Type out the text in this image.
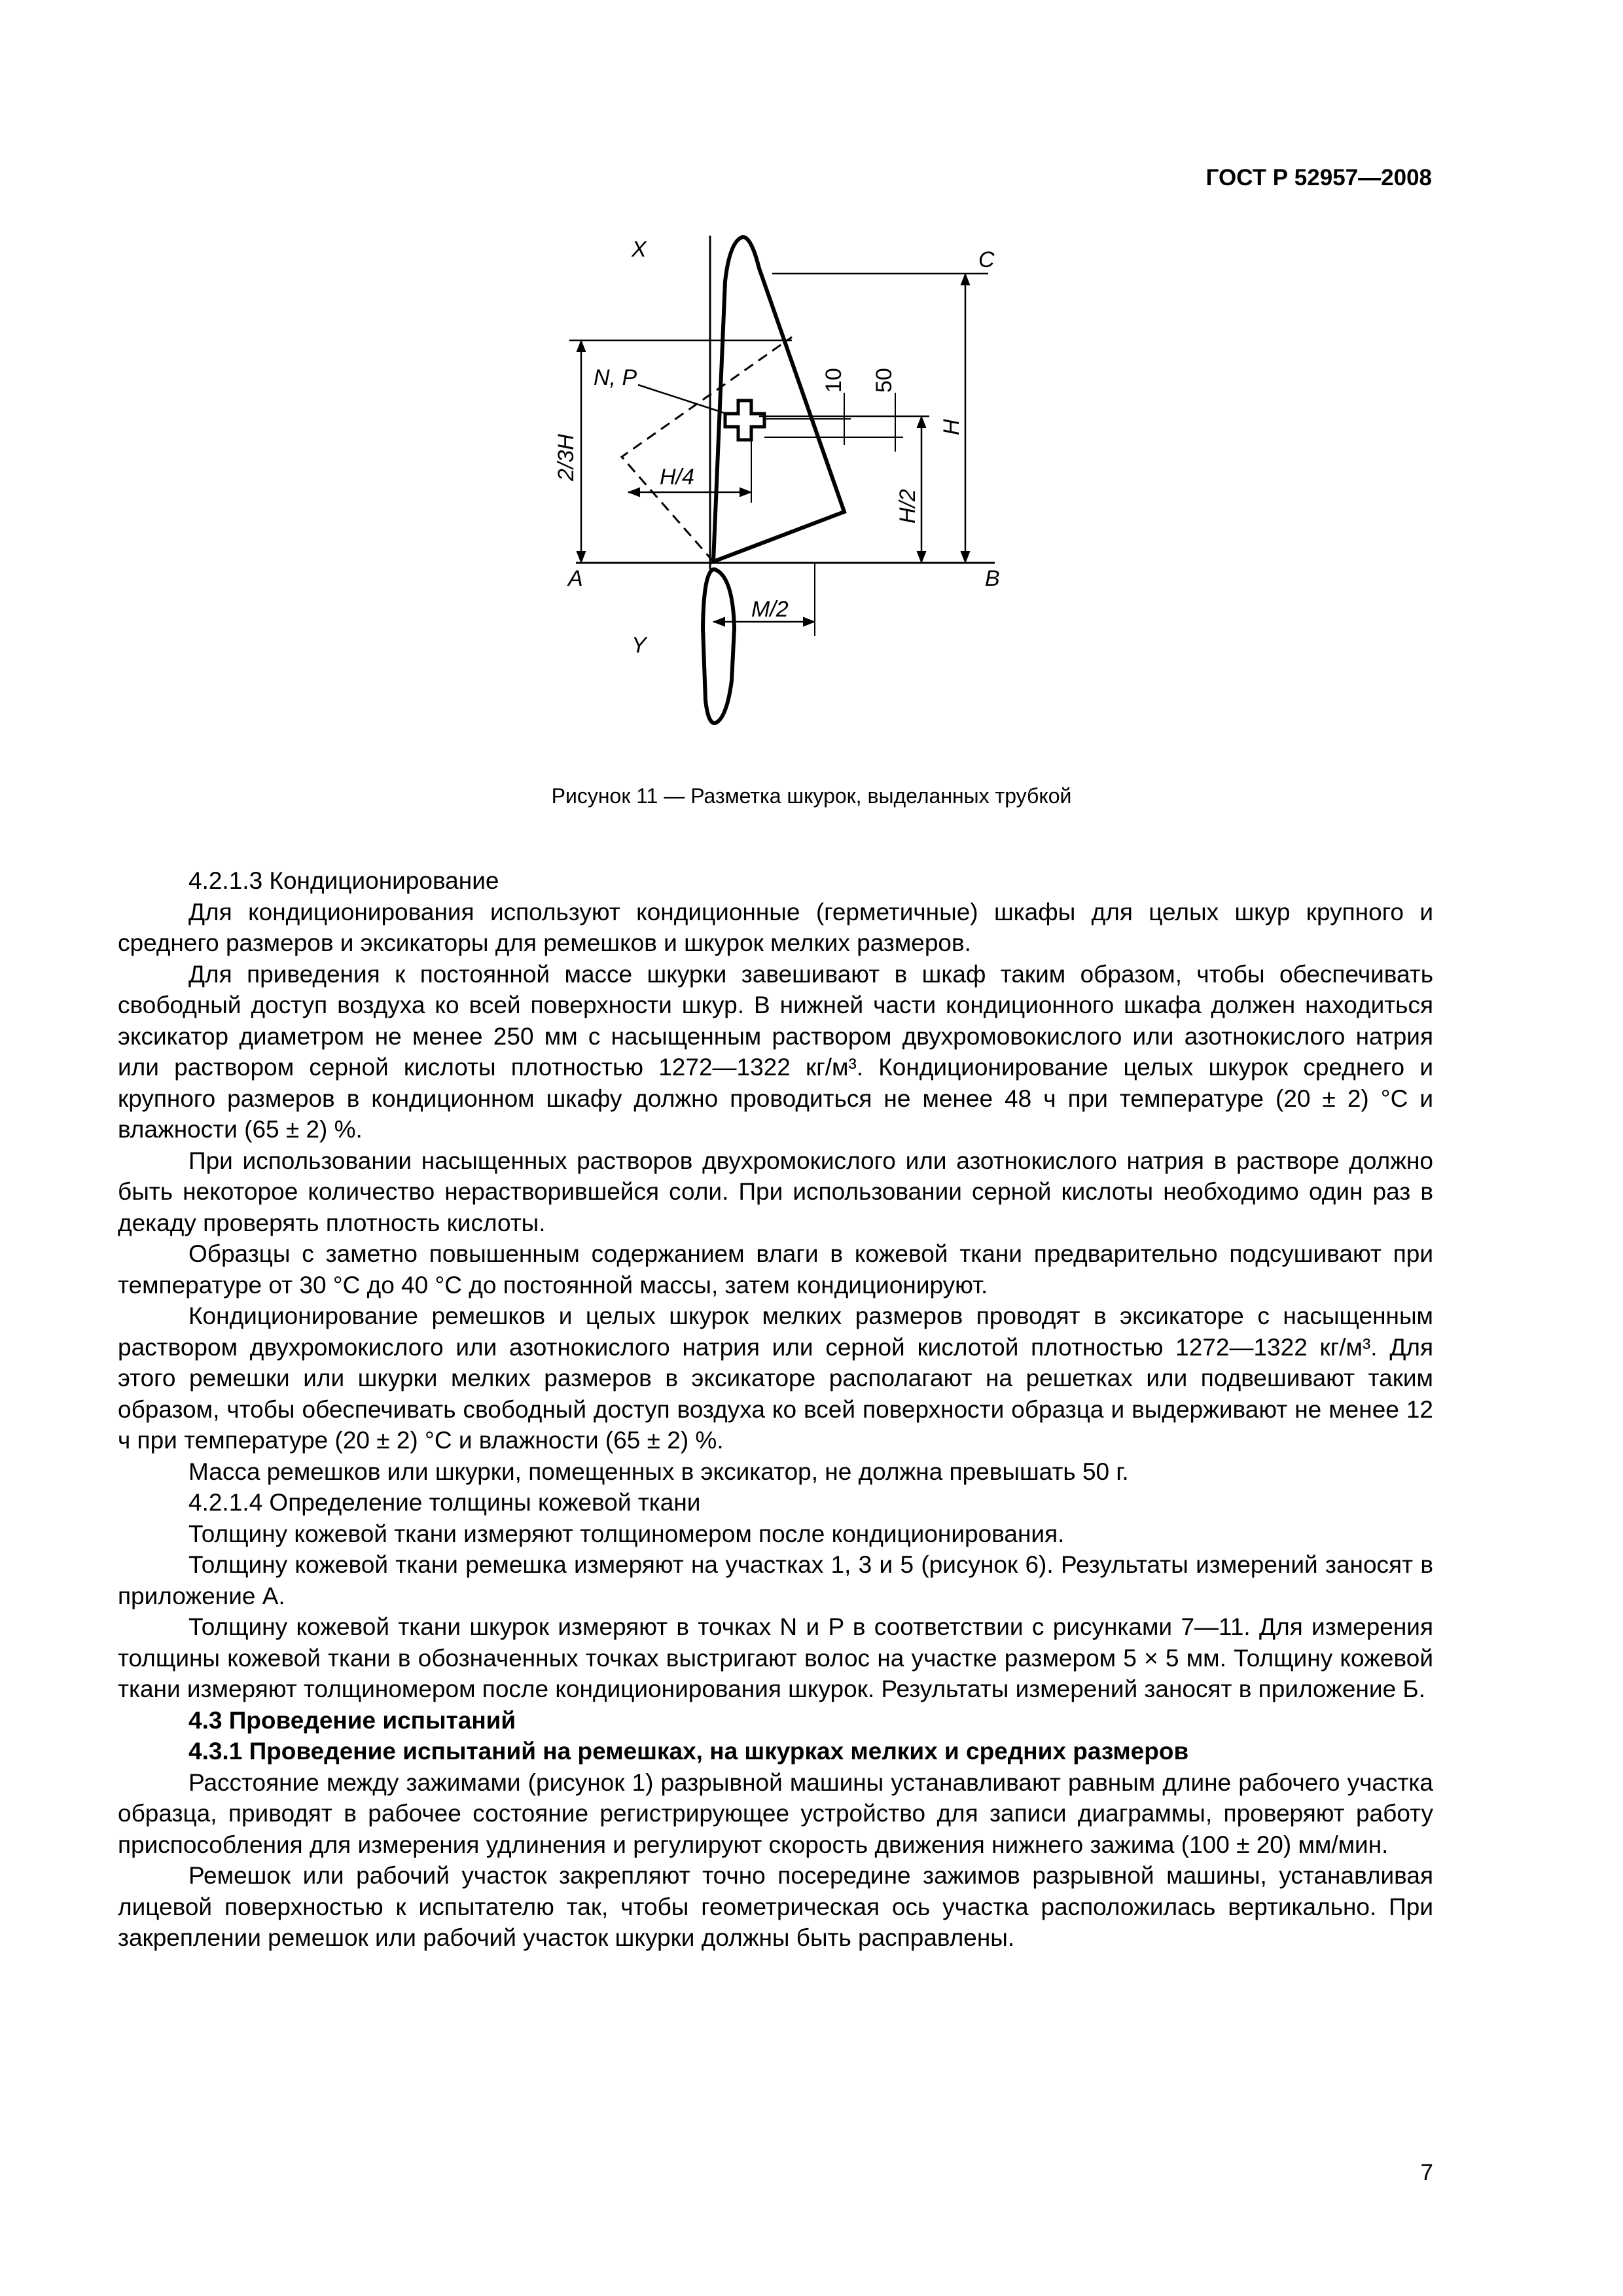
ГОСТ Р 52957—2008
X	C
N, P
H/4
A	B
M/2
Y
2/3H
H/2
H
10 50
Рисунок 11 — Разметка шкурок, выделанных трубкой

4.2.1.3 Кондиционирование

Для кондиционирования используют кондиционные (герметичные) шкафы для целых шкур крупного и среднего размеров и эксикаторы для ремешков и шкурок мелких размеров.

Для приведения к постоянной массе шкурки завешивают в шкаф таким образом, чтобы обеспечивать свободный доступ воздуха ко всей поверхности шкур. В нижней части кондиционного шкафа должен находиться эксикатор диаметром не менее 250 мм с насыщенным раствором двухромовокислого или азотнокислого натрия или раствором серной кислоты плотностью 1272—1322 кг/м³. Кондиционирование целых шкурок среднего и крупного размеров в кондиционном шкафу должно проводиться не менее 48 ч при температуре (20 ± 2) °С и влажности (65 ± 2) %.

При использовании насыщенных растворов двухромокислого или азотнокислого натрия в растворе должно быть некоторое количество нерастворившейся соли. При использовании серной кислоты необходимо один раз в декаду проверять плотность кислоты.

Образцы с заметно повышенным содержанием влаги в кожевой ткани предварительно подсушивают при температуре от 30 °С до 40 °С до постоянной массы, затем кондиционируют.

Кондиционирование ремешков и целых шкурок мелких размеров проводят в эксикаторе с насыщенным раствором двухромокислого или азотнокислого натрия или серной кислотой плотностью 1272—1322 кг/м³. Для этого ремешки или шкурки мелких размеров в эксикаторе располагают на решетках или подвешивают таким образом, чтобы обеспечивать свободный доступ воздуха ко всей поверхности образца и выдерживают не менее 12 ч при температуре (20 ± 2) °С и влажности (65 ± 2) %.

Масса ремешков или шкурки, помещенных в эксикатор, не должна превышать 50 г.

4.2.1.4 Определение толщины кожевой ткани

Толщину кожевой ткани измеряют толщиномером после кондиционирования.

Толщину кожевой ткани ремешка измеряют на участках 1, 3 и 5 (рисунок 6). Результаты измерений заносят в приложение А.

Толщину кожевой ткани шкурок измеряют в точках N и P в соответствии с рисунками 7—11. Для измерения толщины кожевой ткани в обозначенных точках выстригают волос на участке размером 5 × 5 мм. Толщину кожевой ткани измеряют толщиномером после кондиционирования шкурок. Результаты измерений заносят в приложение Б.

4.3 Проведение испытаний

4.3.1 Проведение испытаний на ремешках, на шкурках мелких и средних размеров

Расстояние между зажимами (рисунок 1) разрывной машины устанавливают равным длине рабочего участка образца, приводят в рабочее состояние регистрирующее устройство для записи диаграммы, проверяют работу приспособления для измерения удлинения и регулируют скорость движения нижнего зажима (100 ± 20) мм/мин.

Ремешок или рабочий участок закрепляют точно посередине зажимов разрывной машины, устанавливая лицевой поверхностью к испытателю так, чтобы геометрическая ось участка расположилась вертикально. При закреплении ремешок или рабочий участок шкурки должны быть расправлены.

7
